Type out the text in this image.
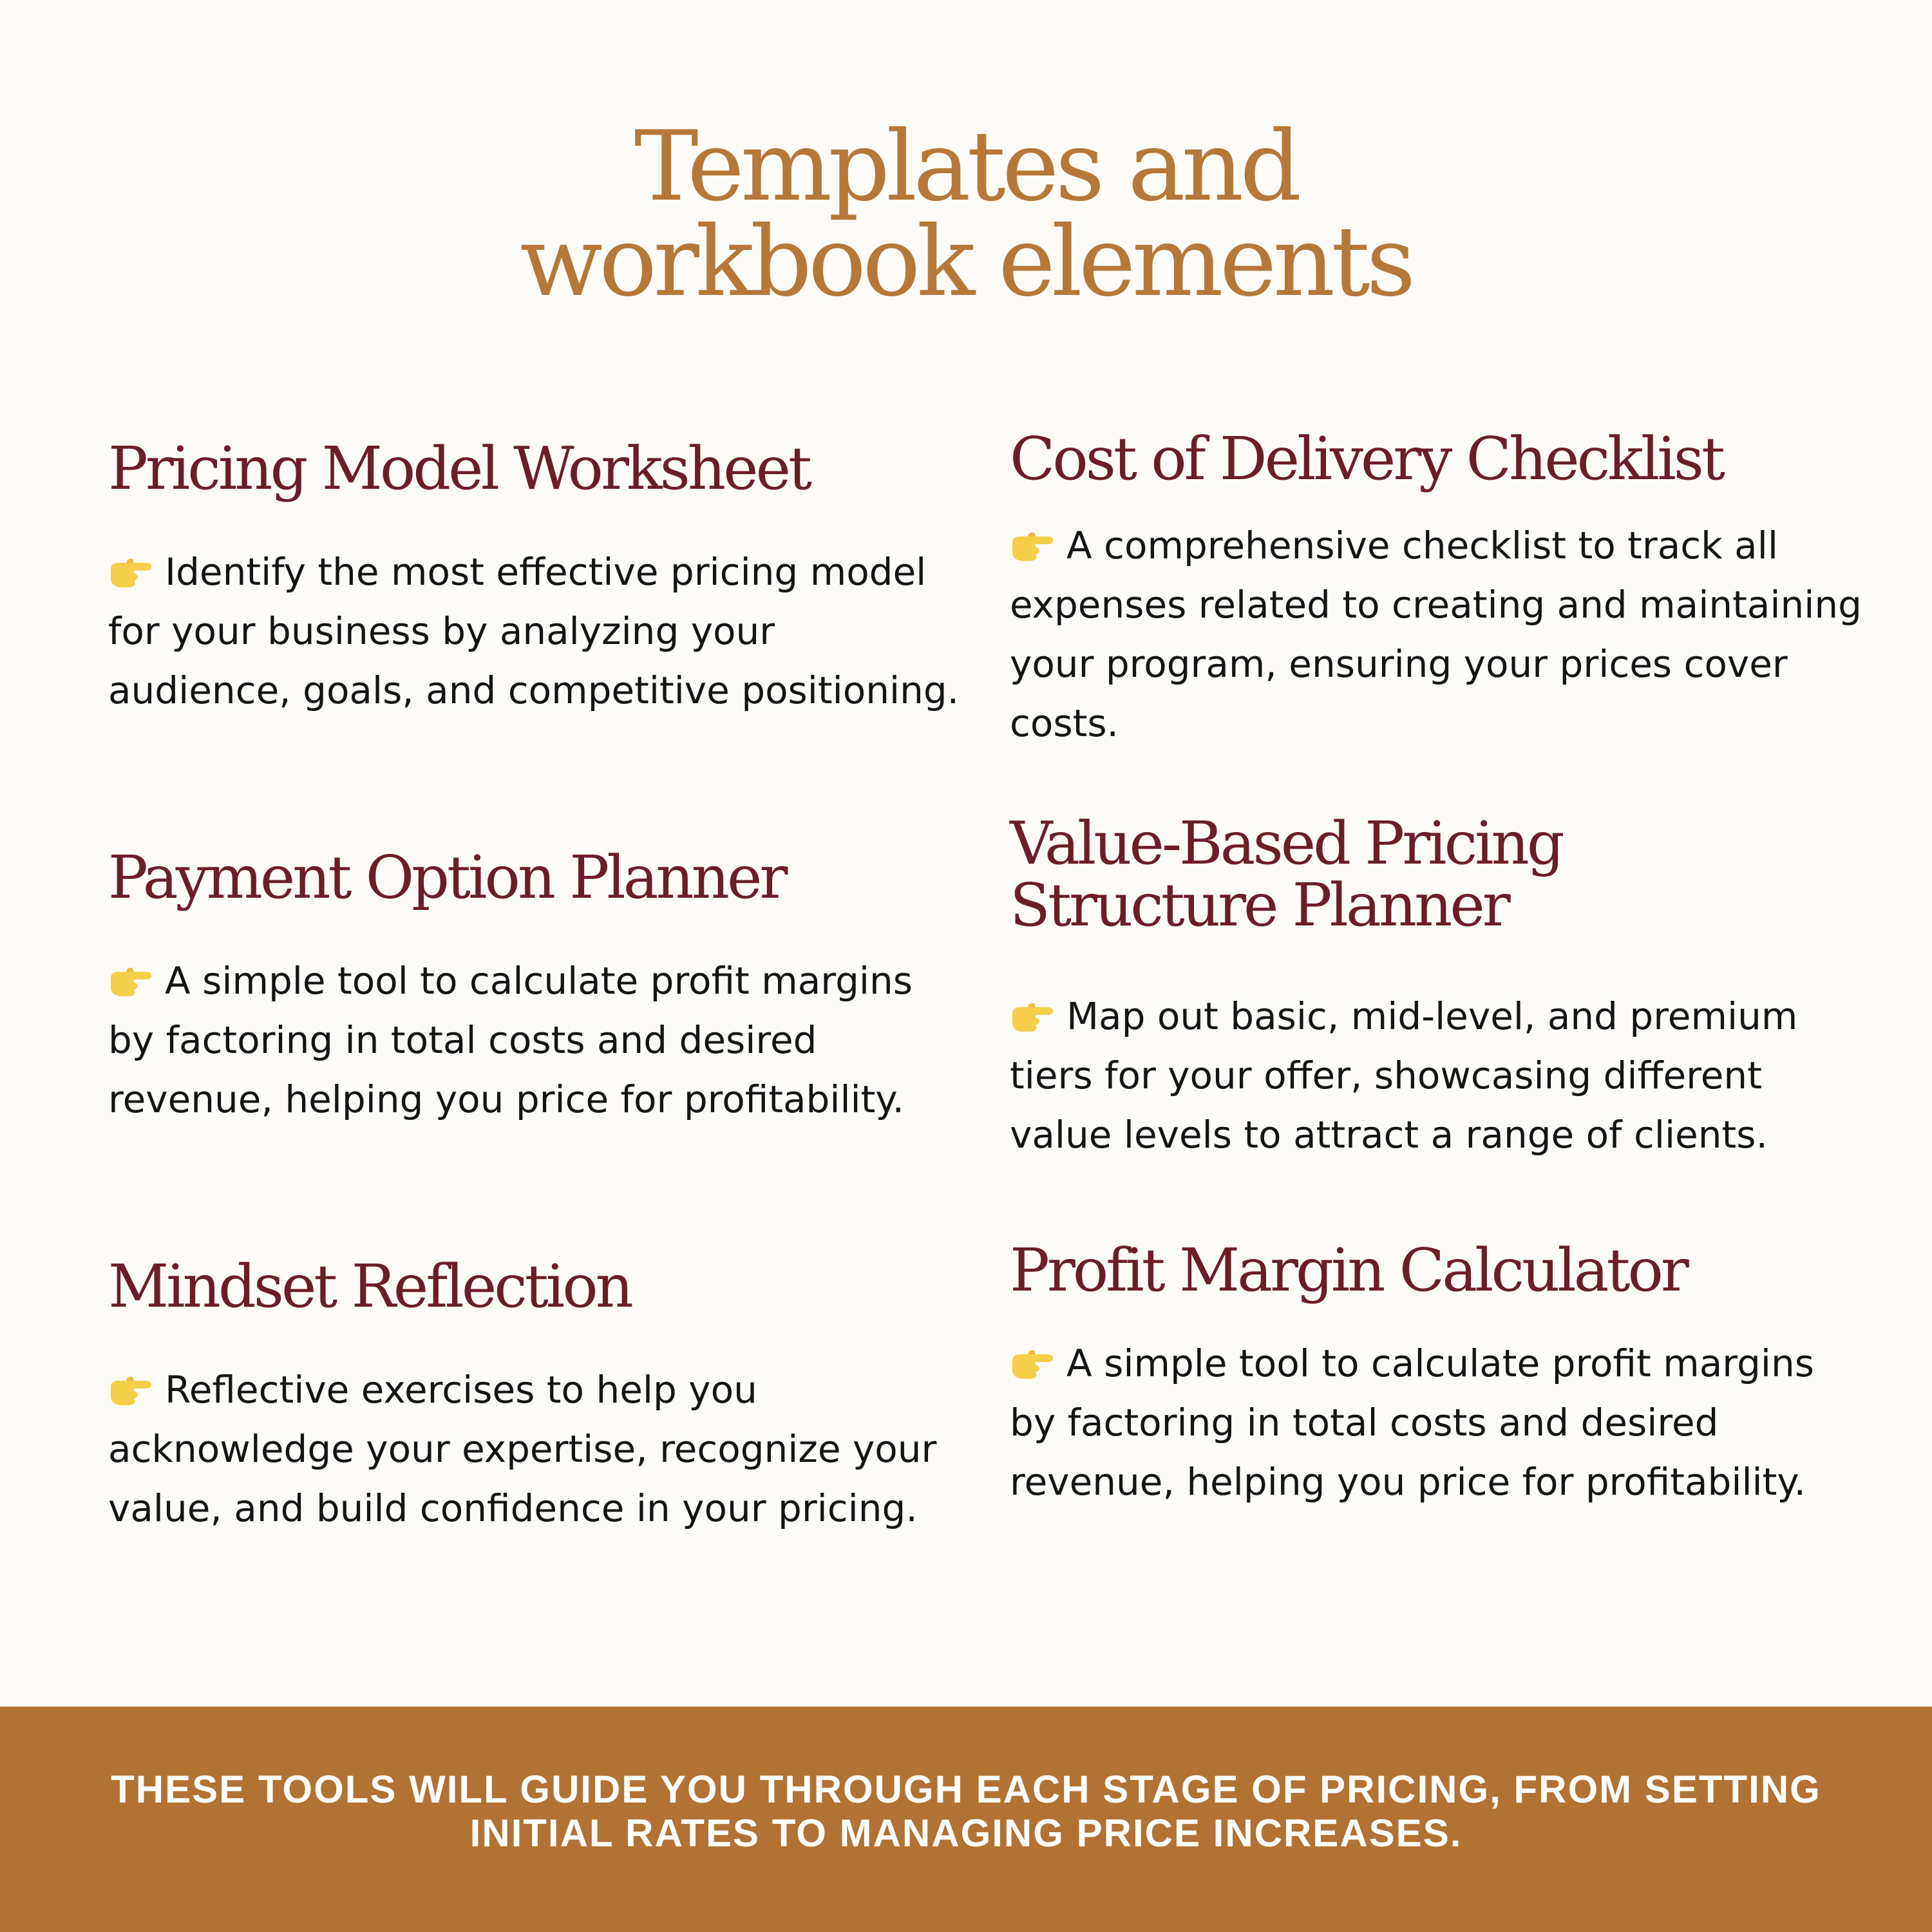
Templates and
workbook elements
Pricing Model Worksheet

Identify the most effective pricing model for your business by analyzing your audience, goals, and competitive positioning.

Payment Option Planner

A simple tool to calculate profit margins by factoring in total costs and desired revenue, helping you price for profitability.

Mindset Reflection

Reflective exercises to help you acknowledge your expertise, recognize your value, and build confidence in your pricing.

Cost of Delivery Checklist

A comprehensive checklist to track all expenses related to creating and maintaining your program, ensuring your prices cover costs.

Value-Based Pricing
Structure Planner

Map out basic, mid-level, and premium tiers for your offer, showcasing different value levels to attract a range of clients.

Profit Margin Calculator

A simple tool to calculate profit margins by factoring in total costs and desired revenue, helping you price for profitability.

THESE TOOLS WILL GUIDE YOU THROUGH EACH STAGE OF PRICING, FROM SETTING INITIAL RATES TO MANAGING PRICE INCREASES.
